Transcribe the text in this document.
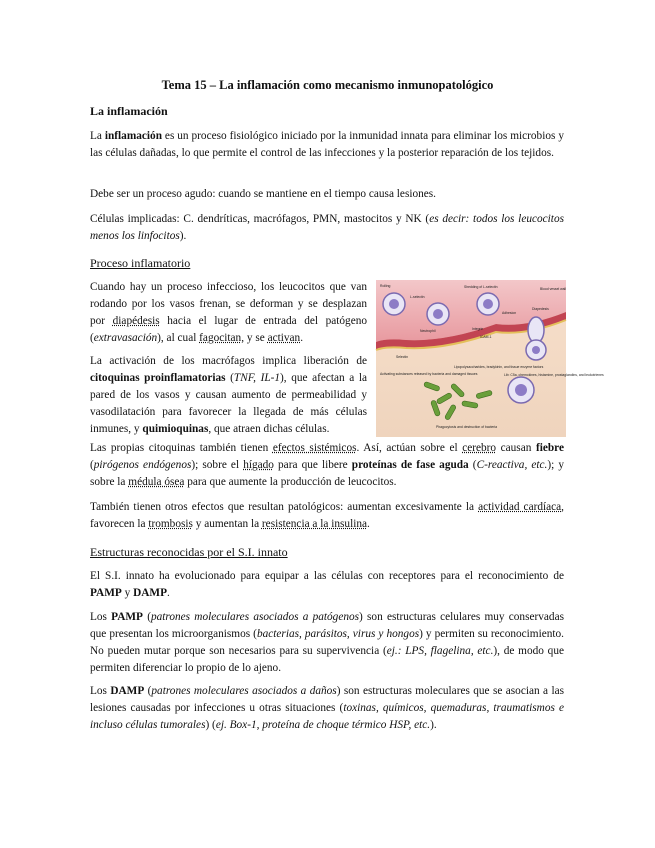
Tema 15 – La inflamación como mecanismo inmunopatológico
La inflamación
La inflamación es un proceso fisiológico iniciado por la inmunidad innata para eliminar los microbios y las células dañadas, lo que permite el control de las infecciones y la posterior reparación de los tejidos.
Debe ser un proceso agudo: cuando se mantiene en el tiempo causa lesiones.
Células implicadas: C. dendríticas, macrófagos, PMN, mastocitos y NK (es decir: todos los leucocitos menos los linfocitos).
Proceso inflamatorio
Cuando hay un proceso infeccioso, los leucocitos que van rodando por los vasos frenan, se deforman y se desplazan por diapédesis hacia el lugar de entrada del patógeno (extravasación), al cual fagocitan, y se activan.
La activación de los macrófagos implica liberación de citoquinas proinflamatorias (TNF, IL-1), que afectan a la pared de los vasos y causan aumento de permeabilidad y vasodilatación para favorecer la llegada de más células inmunes, y quimioquinas, que atraen dichas células.
Rolling
L-selectin
Shedding of L-selectin	Blood vessel wall
Adhesion
Diapedesis
Neutrophil	Integrin
ICAM-1
Selectin
Activating substances released by bacteria and damaged tissues
Lipopolysaccharides, bradykinin, and tissue enzyme factors
Lib: C5a, chemokines, histamine, prostaglandins, and leukotrienes
Phagocytosis and destruction of bacteria
Las propias citoquinas también tienen efectos sistémicos. Así, actúan sobre el cerebro causan fiebre (pirógenos endógenos); sobre el hígado para que libere proteínas de fase aguda (C-reactiva, etc.); y sobre la médula ósea para que aumente la producción de leucocitos.
También tienen otros efectos que resultan patológicos: aumentan excesivamente la actividad cardíaca, favorecen la trombosis y aumentan la resistencia a la insulina.
Estructuras reconocidas por el S.I. innato
El S.I. innato ha evolucionado para equipar a las células con receptores para el reconocimiento de PAMP y DAMP.
Los PAMP (patrones moleculares asociados a patógenos) son estructuras celulares muy conservadas que presentan los microorganismos (bacterias, parásitos, virus y hongos) y permiten su reconocimiento. No pueden mutar porque son necesarios para su supervivencia (ej.: LPS, flagelina, etc.), de modo que permiten diferenciar lo propio de lo ajeno.
Los DAMP (patrones moleculares asociados a daños) son estructuras moleculares que se asocian a las lesiones causadas por infecciones u otras situaciones (toxinas, químicos, quemaduras, traumatismos e incluso células tumorales) (ej. Box-1, proteína de choque térmico HSP, etc.).
